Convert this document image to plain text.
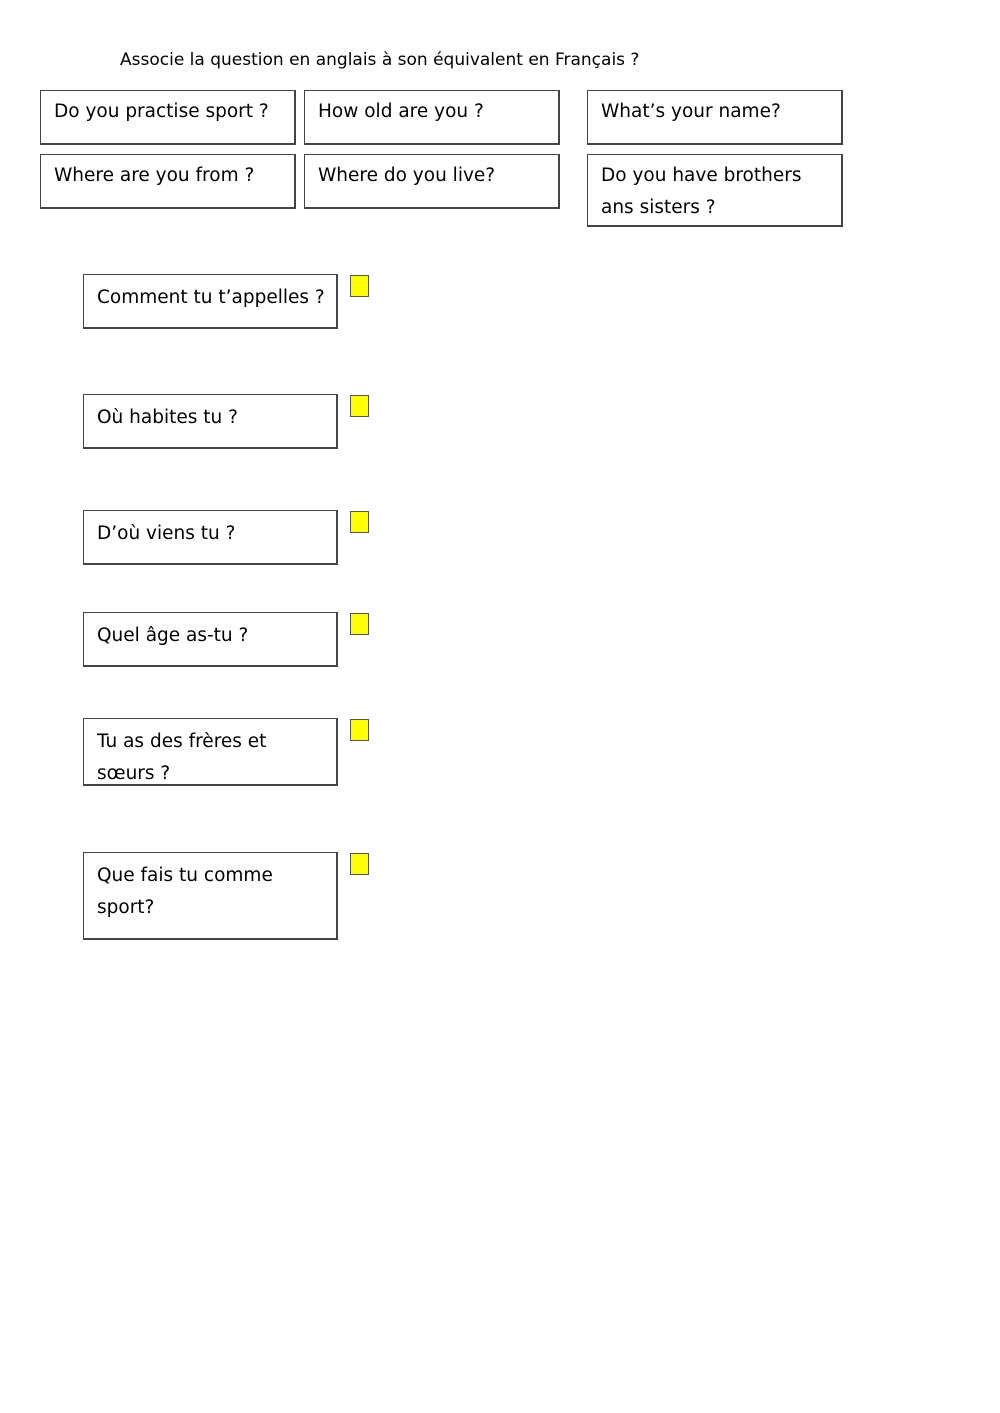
Associe la question en anglais à son équivalent en Français ?
Do you practise sport ?	How old are you ?	What’s your name?
Where are you from ?	Where do you live?	Do you have brothers ans sisters ?
Comment tu t’appelles ?
Où habites tu ?
D’où viens tu ?
Quel âge as-tu ?
Tu as des frères et sœurs ?
Que fais tu comme sport?
